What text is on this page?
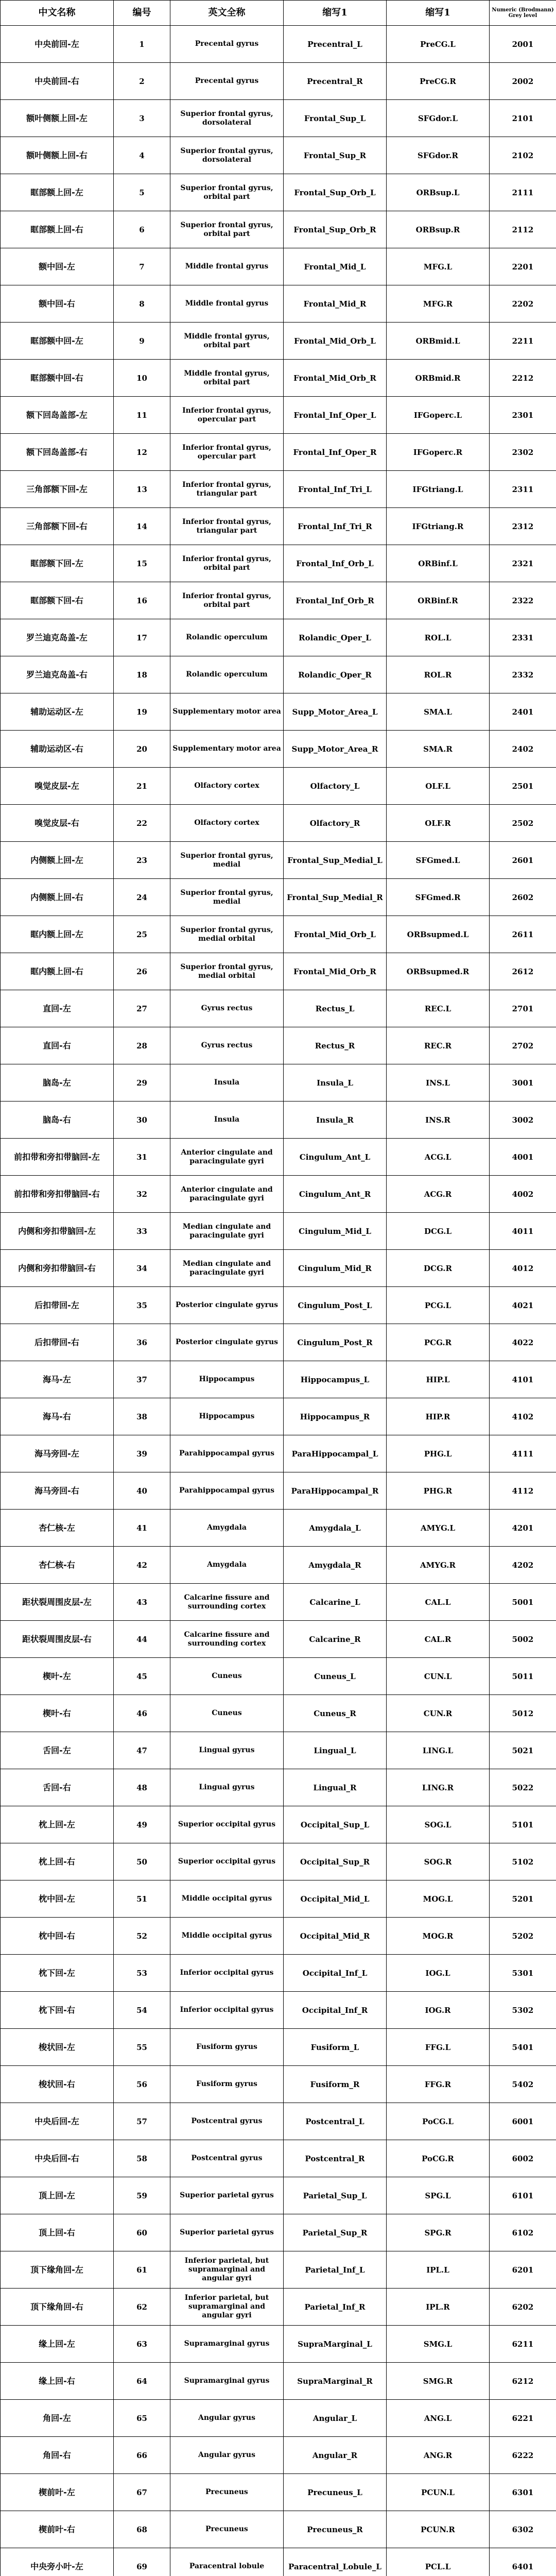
中文名称	编号	英文全称	缩写1	缩写1	Numeric (Brodmann) Grey level
中央前回-左	1	Precental gyrus	Precentral_L	PreCG.L	2001
中央前回-右	2	Precental gyrus	Precentral_R	PreCG.R	2002
额叶侧额上回-左	3	Superior frontal gyrus, dorsolateral	Frontal_Sup_L	SFGdor.L	2101
额叶侧额上回-右	4	Superior frontal gyrus, dorsolateral	Frontal_Sup_R	SFGdor.R	2102
眶部额上回-左	5	Superior frontal gyrus, orbital part	Frontal_Sup_Orb_L	ORBsup.L	2111
眶部额上回-右	6	Superior frontal gyrus, orbital part	Frontal_Sup_Orb_R	ORBsup.R	2112
额中回-左	7	Middle frontal gyrus	Frontal_Mid_L	MFG.L	2201
额中回-右	8	Middle frontal gyrus	Frontal_Mid_R	MFG.R	2202
眶部额中回-左	9	Middle frontal gyrus, orbital part	Frontal_Mid_Orb_L	ORBmid.L	2211
眶部额中回-右	10	Middle frontal gyrus, orbital part	Frontal_Mid_Orb_R	ORBmid.R	2212
额下回岛盖部-左	11	Inferior frontal gyrus, opercular part	Frontal_Inf_Oper_L	IFGoperc.L	2301
额下回岛盖部-右	12	Inferior frontal gyrus, opercular part	Frontal_Inf_Oper_R	IFGoperc.R	2302
三角部额下回-左	13	Inferior frontal gyrus, triangular part	Frontal_Inf_Tri_L	IFGtriang.L	2311
三角部额下回-右	14	Inferior frontal gyrus, triangular part	Frontal_Inf_Tri_R	IFGtriang.R	2312
眶部额下回-左	15	Inferior frontal gyrus, orbital part	Frontal_Inf_Orb_L	ORBinf.L	2321
眶部额下回-右	16	Inferior frontal gyrus, orbital part	Frontal_Inf_Orb_R	ORBinf.R	2322
罗兰迪克岛盖-左	17	Rolandic operculum	Rolandic_Oper_L	ROL.L	2331
罗兰迪克岛盖-右	18	Rolandic operculum	Rolandic_Oper_R	ROL.R	2332
辅助运动区-左	19	Supplementary motor area	Supp_Motor_Area_L	SMA.L	2401
辅助运动区-右	20	Supplementary motor area	Supp_Motor_Area_R	SMA.R	2402
嗅觉皮层-左	21	Olfactory cortex	Olfactory_L	OLF.L	2501
嗅觉皮层-右	22	Olfactory cortex	Olfactory_R	OLF.R	2502
内侧额上回-左	23	Superior frontal gyrus, medial	Frontal_Sup_Medial_L	SFGmed.L	2601
内侧额上回-右	24	Superior frontal gyrus, medial	Frontal_Sup_Medial_R	SFGmed.R	2602
眶内额上回-左	25	Superior frontal gyrus, medial orbital	Frontal_Mid_Orb_L	ORBsupmed.L	2611
眶内额上回-右	26	Superior frontal gyrus, medial orbital	Frontal_Mid_Orb_R	ORBsupmed.R	2612
直回-左	27	Gyrus rectus	Rectus_L	REC.L	2701
直回-右	28	Gyrus rectus	Rectus_R	REC.R	2702
脑岛-左	29	Insula	Insula_L	INS.L	3001
脑岛-右	30	Insula	Insula_R	INS.R	3002
前扣带和旁扣带脑回-左	31	Anterior cingulate and paracingulate gyri	Cingulum_Ant_L	ACG.L	4001
前扣带和旁扣带脑回-右	32	Anterior cingulate and paracingulate gyri	Cingulum_Ant_R	ACG.R	4002
内侧和旁扣带脑回-左	33	Median cingulate and paracingulate gyri	Cingulum_Mid_L	DCG.L	4011
内侧和旁扣带脑回-右	34	Median cingulate and paracingulate gyri	Cingulum_Mid_R	DCG.R	4012
后扣带回-左	35	Posterior cingulate gyrus	Cingulum_Post_L	PCG.L	4021
后扣带回-右	36	Posterior cingulate gyrus	Cingulum_Post_R	PCG.R	4022
海马-左	37	Hippocampus	Hippocampus_L	HIP.L	4101
海马-右	38	Hippocampus	Hippocampus_R	HIP.R	4102
海马旁回-左	39	Parahippocampal gyrus	ParaHippocampal_L	PHG.L	4111
海马旁回-右	40	Parahippocampal gyrus	ParaHippocampal_R	PHG.R	4112
杏仁核-左	41	Amygdala	Amygdala_L	AMYG.L	4201
杏仁核-右	42	Amygdala	Amygdala_R	AMYG.R	4202
距状裂周围皮层-左	43	Calcarine fissure and surrounding cortex	Calcarine_L	CAL.L	5001
距状裂周围皮层-右	44	Calcarine fissure and surrounding cortex	Calcarine_R	CAL.R	5002
楔叶-左	45	Cuneus	Cuneus_L	CUN.L	5011
楔叶-右	46	Cuneus	Cuneus_R	CUN.R	5012
舌回-左	47	Lingual gyrus	Lingual_L	LING.L	5021
舌回-右	48	Lingual gyrus	Lingual_R	LING.R	5022
枕上回-左	49	Superior occipital gyrus	Occipital_Sup_L	SOG.L	5101
枕上回-右	50	Superior occipital gyrus	Occipital_Sup_R	SOG.R	5102
枕中回-左	51	Middle occipital gyrus	Occipital_Mid_L	MOG.L	5201
枕中回-右	52	Middle occipital gyrus	Occipital_Mid_R	MOG.R	5202
枕下回-左	53	Inferior occipital gyrus	Occipital_Inf_L	IOG.L	5301
枕下回-右	54	Inferior occipital gyrus	Occipital_Inf_R	IOG.R	5302
梭状回-左	55	Fusiform gyrus	Fusiform_L	FFG.L	5401
梭状回-右	56	Fusiform gyrus	Fusiform_R	FFG.R	5402
中央后回-左	57	Postcentral gyrus	Postcentral_L	PoCG.L	6001
中央后回-右	58	Postcentral gyrus	Postcentral_R	PoCG.R	6002
顶上回-左	59	Superior parietal gyrus	Parietal_Sup_L	SPG.L	6101
顶上回-右	60	Superior parietal gyrus	Parietal_Sup_R	SPG.R	6102
顶下缘角回-左	61	Inferior parietal, but supramarginal and angular gyri	Parietal_Inf_L	IPL.L	6201
顶下缘角回-右	62	Inferior parietal, but supramarginal and angular gyri	Parietal_Inf_R	IPL.R	6202
缘上回-左	63	Supramarginal gyrus	SupraMarginal_L	SMG.L	6211
缘上回-右	64	Supramarginal gyrus	SupraMarginal_R	SMG.R	6212
角回-左	65	Angular gyrus	Angular_L	ANG.L	6221
角回-右	66	Angular gyrus	Angular_R	ANG.R	6222
楔前叶-左	67	Precuneus	Precuneus_L	PCUN.L	6301
楔前叶-右	68	Precuneus	Precuneus_R	PCUN.R	6302
中央旁小叶-左	69	Paracentral lobule	Paracentral_Lobule_L	PCL.L	6401
